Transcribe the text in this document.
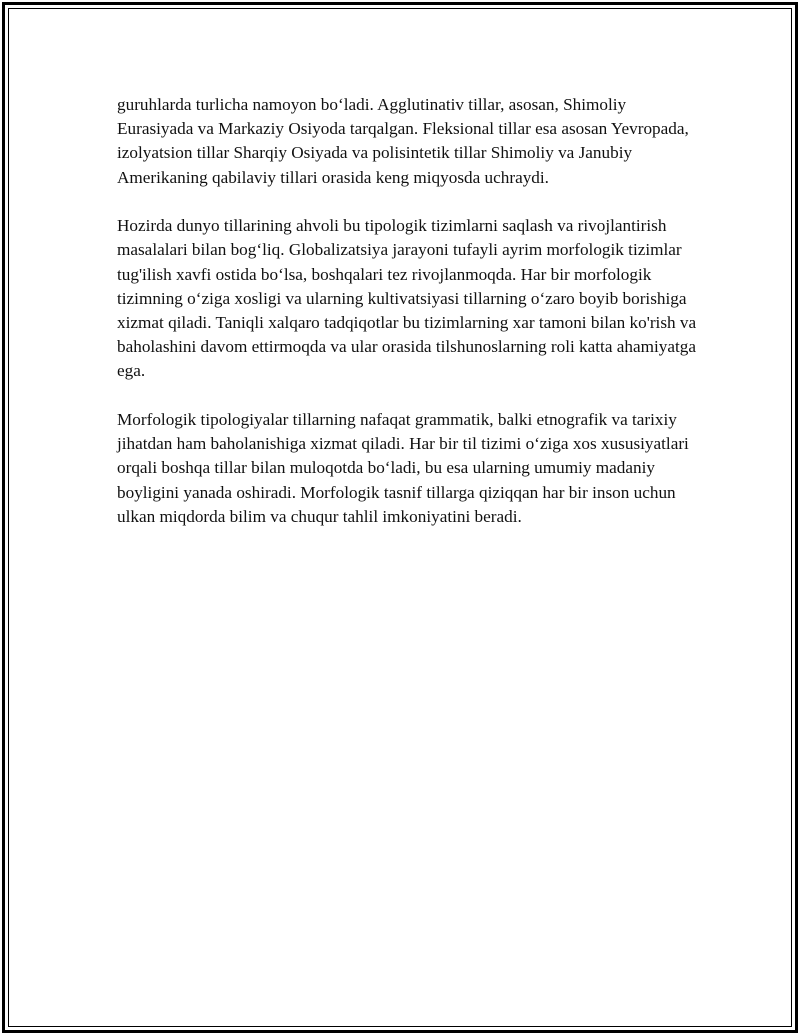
guruhlarda turlicha namoyon bo‘ladi. Agglutinativ tillar, asosan, Shimoliy Eurasiyada va Markaziy Osiyoda tarqalgan. Fleksional tillar esa asosan Yevropada, izolyatsion tillar Sharqiy Osiyada va polisintetik tillar Shimoliy va Janubiy Amerikaning qabilaviy tillari orasida keng miqyosda uchraydi.

Hozirda dunyo tillarining ahvoli bu tipologik tizimlarni saqlash va rivojlantirish masalalari bilan bog‘liq. Globalizatsiya jarayoni tufayli ayrim morfologik tizimlar tug'ilish xavfi ostida bo‘lsa, boshqalari tez rivojlanmoqda. Har bir morfologik tizimning o‘ziga xosligi va ularning kultivatsiyasi tillarning o‘zaro boyib borishiga xizmat qiladi. Taniqli xalqaro tadqiqotlar bu tizimlarning xar tamoni bilan ko'rish va baholashini davom ettirmoqda va ular orasida tilshunoslarning roli katta ahamiyatga ega.

Morfologik tipologiyalar tillarning nafaqat grammatik, balki etnografik va tarixiy jihatdan ham baholanishiga xizmat qiladi. Har bir til tizimi o‘ziga xos xususiyatlari orqali boshqa tillar bilan muloqotda bo‘ladi, bu esa ularning umumiy madaniy boyligini yanada oshiradi. Morfologik tasnif tillarga qiziqqan har bir inson uchun ulkan miqdorda bilim va chuqur tahlil imkoniyatini beradi.
